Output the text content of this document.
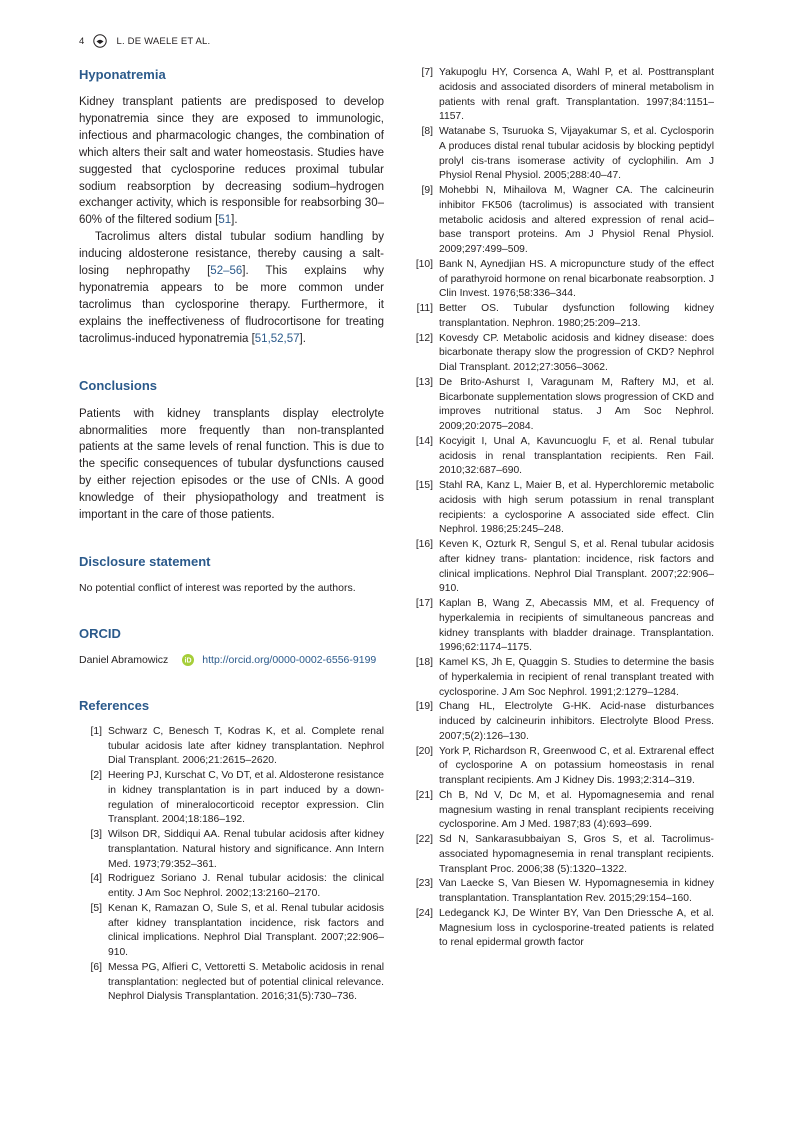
4	L. DE WAELE ET AL.
Hyponatremia

Kidney transplant patients are predisposed to develop hyponatremia since they are exposed to immunologic, infectious and pharmacologic changes, the combination of which alters their salt and water homeostasis. Studies have suggested that cyclosporine reduces proximal tubular sodium reabsorption by decreasing sodium–hydrogen exchanger activity, which is responsible for reabsorbing 30–60% of the filtered sodium [51].

Tacrolimus alters distal tubular sodium handling by inducing aldosterone resistance, thereby causing a salt-losing nephropathy [52–56]. This explains why hyponatremia appears to be more common under tacrolimus than cyclosporine therapy. Furthermore, it explains the ineffectiveness of fludrocortisone for treating tacrolimus-induced hyponatremia [51,52,57].

Conclusions

Patients with kidney transplants display electrolyte abnormalities more frequently than non-transplanted patients at the same levels of renal function. This is due to the specific consequences of tubular dysfunctions caused by either rejection episodes or the use of CNIs. A good knowledge of their physiopathology and treatment is important in the care of those patients.

Disclosure statement

No potential conflict of interest was reported by the authors.

ORCID
Daniel Abramowicz iD http://orcid.org/0000-0002-6556-9199
References
[1] Schwarz C, Benesch T, Kodras K, et al. Complete renal tubular acidosis late after kidney transplantation. Nephrol Dial Transplant. 2006;21:2615–2620.
[2] Heering PJ, Kurschat C, Vo DT, et al. Aldosterone resistance in kidney transplantation is in part induced by a down-regulation of mineralocorticoid receptor expression. Clin Transplant. 2004;18:186–192.
[3] Wilson DR, Siddiqui AA. Renal tubular acidosis after kidney transplantation. Natural history and significance. Ann Intern Med. 1973;79:352–361.
[4] Rodriguez Soriano J. Renal tubular acidosis: the clinical entity. J Am Soc Nephrol. 2002;13:2160–2170.
[5] Kenan K, Ramazan O, Sule S, et al. Renal tubular acidosis after kidney transplantation incidence, risk factors and clinical implications. Nephrol Dial Transplant. 2007;22:906–910.
[6] Messa PG, Alfieri C, Vettoretti S. Metabolic acidosis in renal transplantation: neglected but of potential clinical relevance. Nephrol Dialysis Transplantation. 2016;31(5):730–736.
[7] Yakupoglu HY, Corsenca A, Wahl P, et al. Posttransplant acidosis and associated disorders of mineral metabolism in patients with renal graft. Transplantation. 1997;84:1151–1157.
[8] Watanabe S, Tsuruoka S, Vijayakumar S, et al. Cyclosporin A produces distal renal tubular acidosis by blocking peptidyl prolyl cis-trans isomerase activity of cyclophilin. Am J Physiol Renal Physiol. 2005;288:40–47.
[9] Mohebbi N, Mihailova M, Wagner CA. The calcineurin inhibitor FK506 (tacrolimus) is associated with transient metabolic acidosis and altered expression of renal acid–base transport proteins. Am J Physiol Renal Physiol. 2009;297:499–509.
[10] Bank N, Aynedjian HS. A micropuncture study of the effect of parathyroid hormone on renal bicarbonate reabsorption. J Clin Invest. 1976;58:336–344.
[11] Better OS. Tubular dysfunction following kidney transplantation. Nephron. 1980;25:209–213.
[12] Kovesdy CP. Metabolic acidosis and kidney disease: does bicarbonate therapy slow the progression of CKD? Nephrol Dial Transplant. 2012;27:3056–3062.
[13] De Brito-Ashurst I, Varagunam M, Raftery MJ, et al. Bicarbonate supplementation slows progression of CKD and improves nutritional status. J Am Soc Nephrol. 2009;20:2075–2084.
[14] Kocyigit I, Unal A, Kavuncuoglu F, et al. Renal tubular acidosis in renal transplantation recipients. Ren Fail. 2010;32:687–690.
[15] Stahl RA, Kanz L, Maier B, et al. Hyperchloremic metabolic acidosis with high serum potassium in renal transplant recipients: a cyclosporine A associated side effect. Clin Nephrol. 1986;25:245–248.
[16] Keven K, Ozturk R, Sengul S, et al. Renal tubular acidosis after kidney trans- plantation: incidence, risk factors and clinical implications. Nephrol Dial Transplant. 2007;22:906–910.
[17] Kaplan B, Wang Z, Abecassis MM, et al. Frequency of hyperkalemia in recipients of simultaneous pancreas and kidney transplants with bladder drainage. Transplantation. 1996;62:1174–1175.
[18] Kamel KS, Jh E, Quaggin S. Studies to determine the basis of hyperkalemia in recipient of renal transplant treated with cyclosporine. J Am Soc Nephrol. 1991;2:1279–1284.
[19] Chang HL, Electrolyte G-HK. Acid-nase disturbances induced by calcineurin inhibitors. Electrolyte Blood Press. 2007;5(2):126–130.
[20] York P, Richardson R, Greenwood C, et al. Extrarenal effect of cyclosporine A on potassium homeostasis in renal transplant recipients. Am J Kidney Dis. 1993;2:314–319.
[21] Ch B, Nd V, Dc M, et al. Hypomagnesemia and renal magnesium wasting in renal transplant recipients receiving cyclosporine. Am J Med. 1987;83 (4):693–699.
[22] Sd N, Sankarasubbaiyan S, Gros S, et al. Tacrolimus-associated hypomagnesemia in renal transplant recipients. Transplant Proc. 2006;38 (5):1320–1322.
[23] Van Laecke S, Van Biesen W. Hypomagnesemia in kidney transplantation. Transplantation Rev. 2015;29:154–160.
[24] Ledeganck KJ, De Winter BY, Van Den Driessche A, et al. Magnesium loss in cyclosporine-treated patients is related to renal epidermal growth factor
